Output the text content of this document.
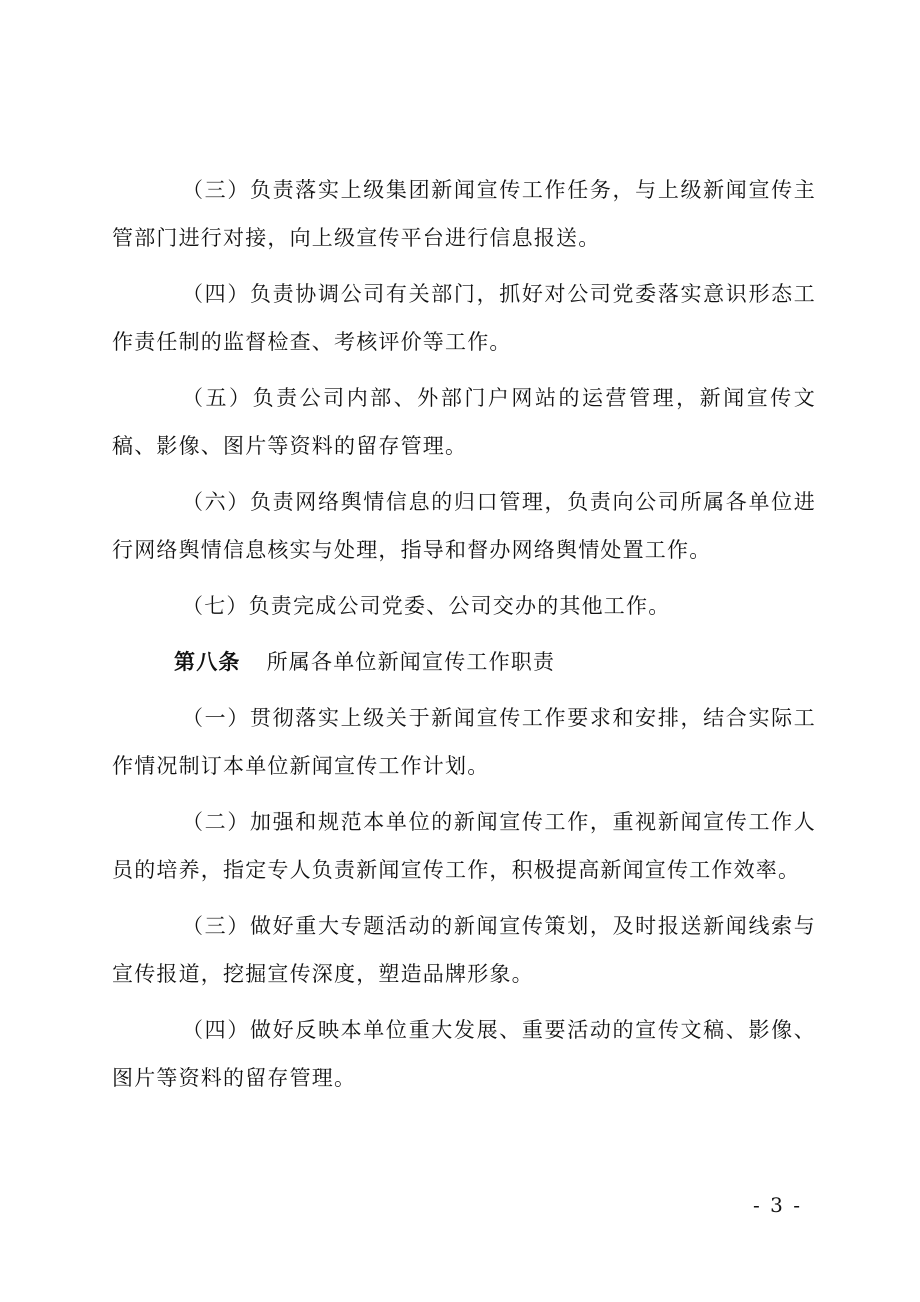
（三）负责落实上级集团新闻宣传工作任务，与上级新闻宣传主管部门进行对接，向上级宣传平台进行信息报送。

（四）负责协调公司有关部门，抓好对公司党委落实意识形态工作责任制的监督检查、考核评价等工作。

（五）负责公司内部、外部门户网站的运营管理，新闻宣传文稿、影像、图片等资料的留存管理。

（六）负责网络舆情信息的归口管理，负责向公司所属各单位进行网络舆情信息核实与处理，指导和督办网络舆情处置工作。

（七）负责完成公司党委、公司交办的其他工作。

第八条 所属各单位新闻宣传工作职责

（一）贯彻落实上级关于新闻宣传工作要求和安排，结合实际工作情况制订本单位新闻宣传工作计划。

（二）加强和规范本单位的新闻宣传工作，重视新闻宣传工作人员的培养，指定专人负责新闻宣传工作，积极提高新闻宣传工作效率。

（三）做好重大专题活动的新闻宣传策划，及时报送新闻线索与宣传报道，挖掘宣传深度，塑造品牌形象。

（四）做好反映本单位重大发展、重要活动的宣传文稿、影像、图片等资料的留存管理。

- 3 -
